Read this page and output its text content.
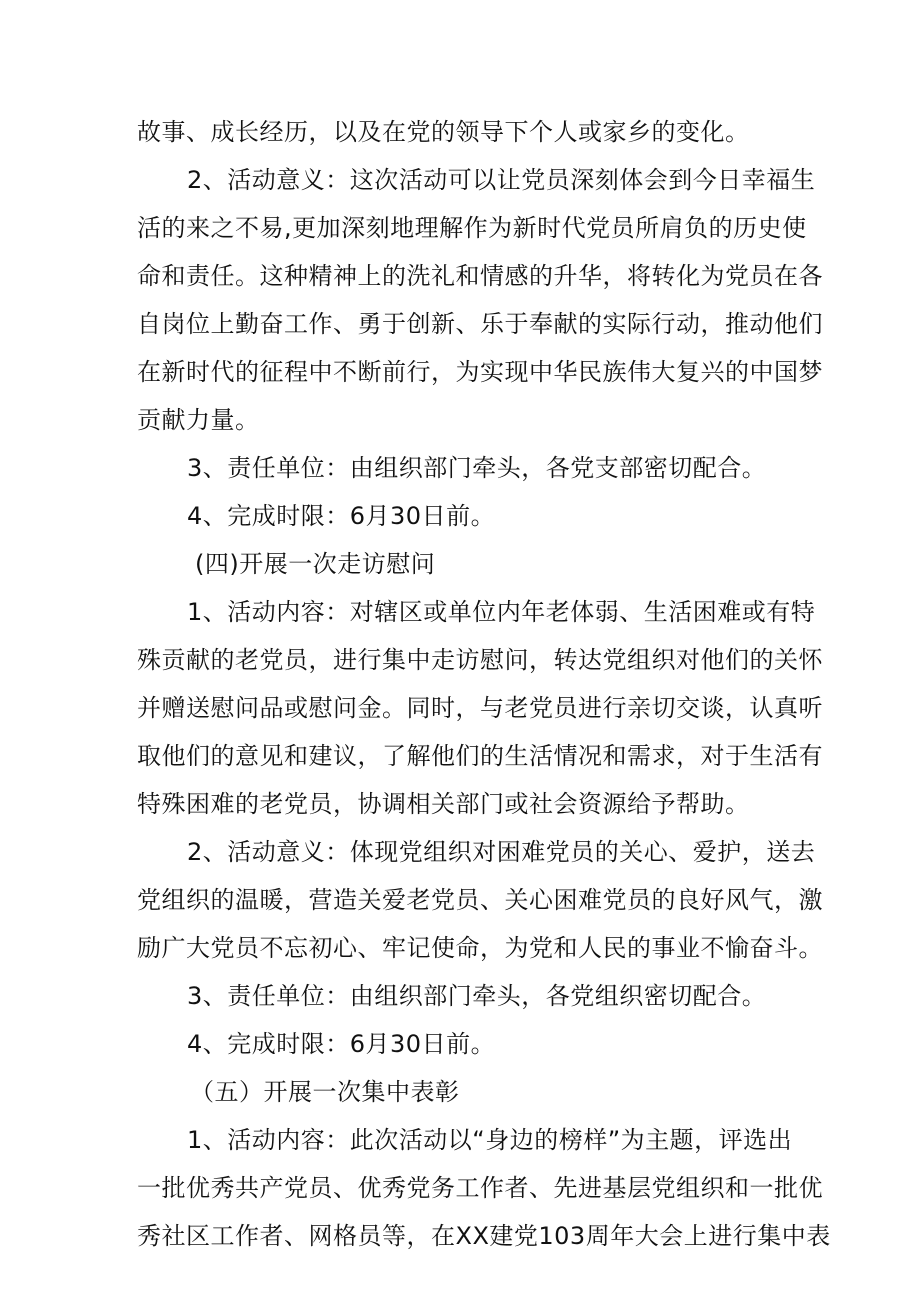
故事、成长经历，以及在党的领导下个人或家乡的变化。
2、活动意义：这次活动可以让党员深刻体会到今日幸福生
活的来之不易,更加深刻地理解作为新时代党员所肩负的历史使
命和责任。这种精神上的洗礼和情感的升华，将转化为党员在各
自岗位上勤奋工作、勇于创新、乐于奉献的实际行动，推动他们
在新时代的征程中不断前行，为实现中华民族伟大复兴的中国梦
贡献力量。
3、责任单位：由组织部门牵头，各党支部密切配合。
4、完成时限：6月30日前。
(四)开展一次走访慰问
1、活动内容：对辖区或单位内年老体弱、生活困难或有特
殊贡献的老党员，进行集中走访慰问，转达党组织对他们的关怀
并赠送慰问品或慰问金。同时，与老党员进行亲切交谈，认真听
取他们的意见和建议，了解他们的生活情况和需求，对于生活有
特殊困难的老党员，协调相关部门或社会资源给予帮助。
2、活动意义：体现党组织对困难党员的关心、爱护，送去
党组织的温暖，营造关爱老党员、关心困难党员的良好风气，激
励广大党员不忘初心、牢记使命，为党和人民的事业不愉奋斗。
3、责任单位：由组织部门牵头，各党组织密切配合。
4、完成时限：6月30日前。
（五）开展一次集中表彰
1、活动内容：此次活动以“身边的榜样”为主题，评选出
一批优秀共产党员、优秀党务工作者、先进基层党组织和一批优
秀社区工作者、网格员等，在XX建党103周年大会上进行集中表
